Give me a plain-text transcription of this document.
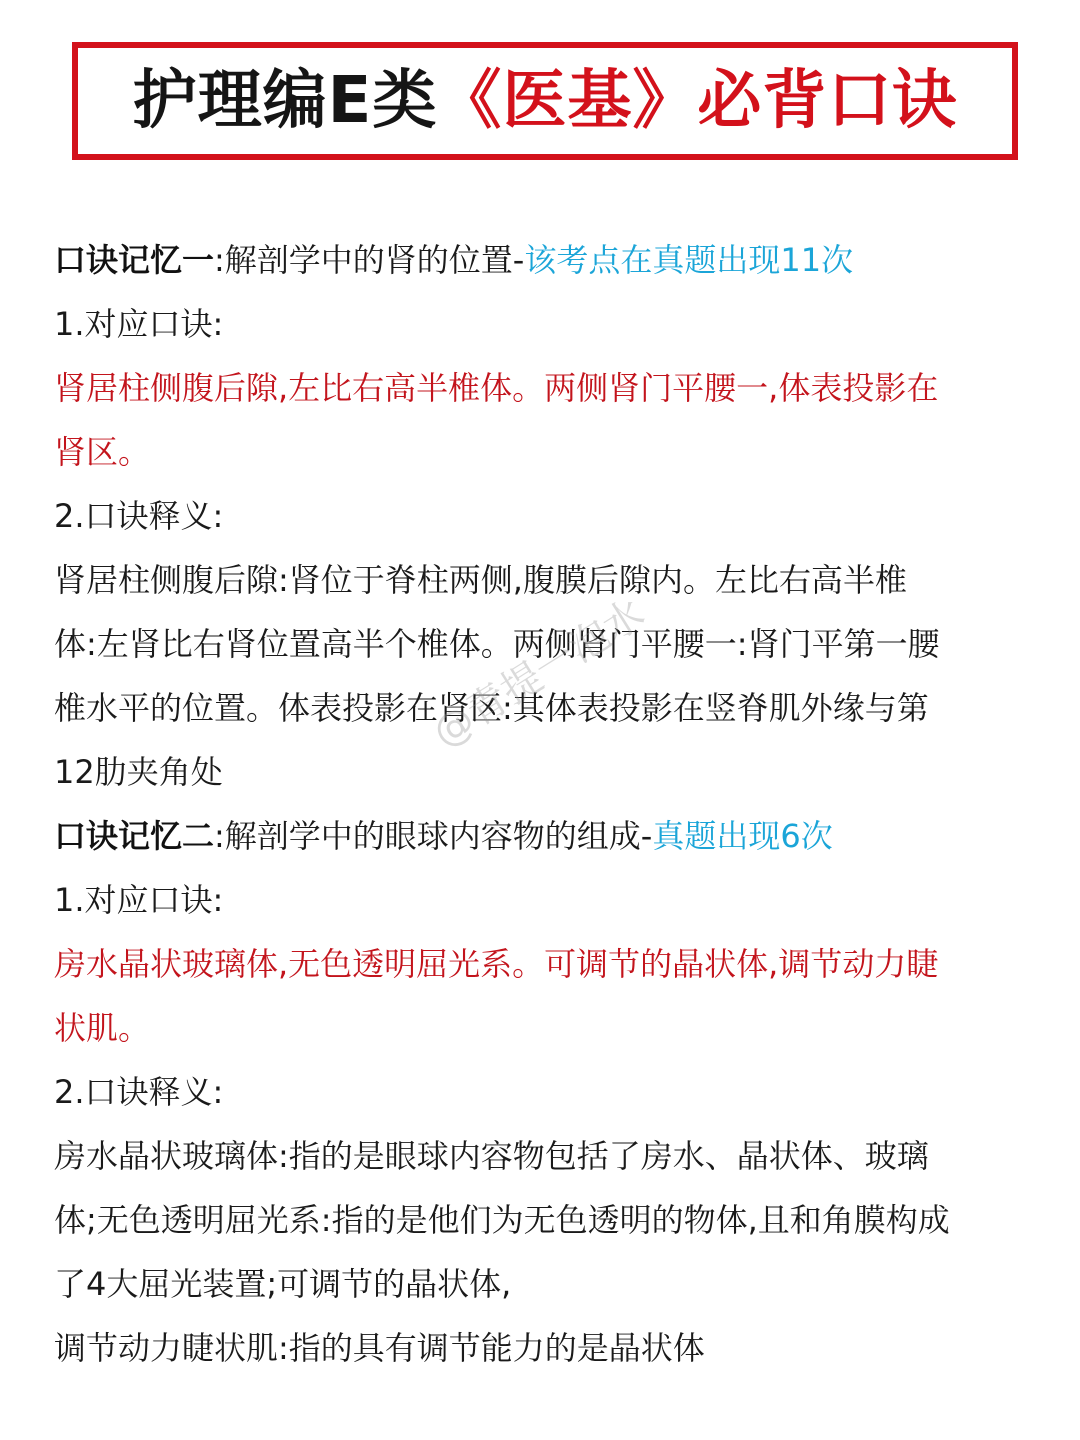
护理编E类 《医基》必背口诀
口诀记忆一:解剖学中的肾的位置-该考点在真题出现11次
1.对应口诀:
肾居柱侧腹后隙,左比右高半椎体。两侧肾门平腰一,体表投影在
肾区。
2.口诀释义:
肾居柱侧腹后隙:肾位于脊柱两侧,腹膜后隙内。左比右高半椎
体:左肾比右肾位置高半个椎体。两侧肾门平腰一:肾门平第一腰
椎水平的位置。体表投影在肾区:其体表投影在竖脊肌外缘与第
12肋夹角处
口诀记忆二:解剖学中的眼球内容物的组成-真题出现6次
1.对应口诀:
房水晶状玻璃体,无色透明屈光系。可调节的晶状体,调节动力睫
状肌。
2.口诀释义:
房水晶状玻璃体:指的是眼球内容物包括了房水、晶状体、玻璃
体;无色透明屈光系:指的是他们为无色透明的物体,且和角膜构成
了4大屈光装置;可调节的晶状体,
调节动力睫状肌:指的具有调节能力的是晶状体
@青提一泡水
